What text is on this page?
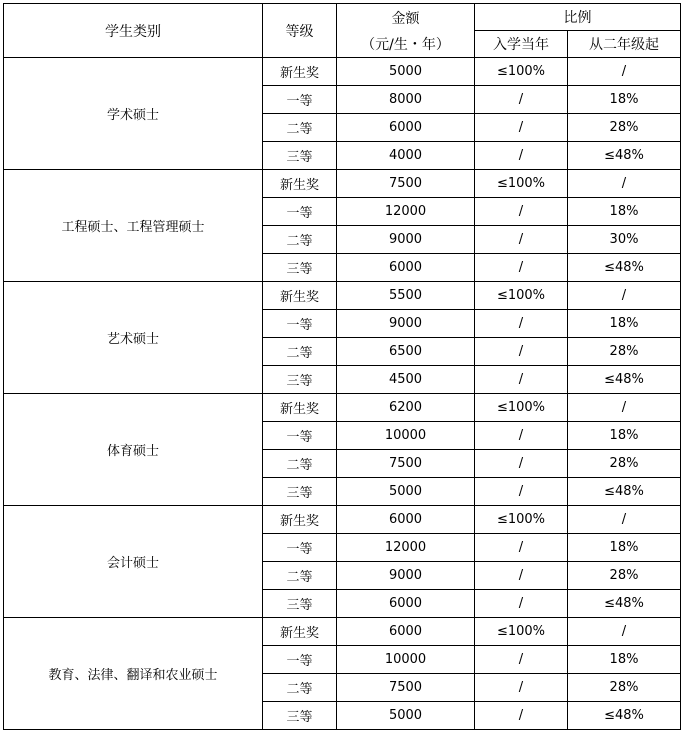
学生类别	等级	金额
（元/生・年）	比例	
			入学当年	从二年级起
学术硕士	新生奖	5000	≤100%	/
	一等	8000	/	18%
	二等	6000	/	28%
	三等	4000	/	≤48%
工程硕士、工程管理硕士	新生奖	7500	≤100%	/
	一等	12000	/	18%
	二等	9000	/	30%
	三等	6000	/	≤48%
艺术硕士	新生奖	5500	≤100%	/
	一等	9000	/	18%
	二等	6500	/	28%
	三等	4500	/	≤48%
体育硕士	新生奖	6200	≤100%	/
	一等	10000	/	18%
	二等	7500	/	28%
	三等	5000	/	≤48%
会计硕士	新生奖	6000	≤100%	/
	一等	12000	/	18%
	二等	9000	/	28%
	三等	6000	/	≤48%
教育、法律、翻译和农业硕士	新生奖	6000	≤100%	/
	一等	10000	/	18%
	二等	7500	/	28%
	三等	5000	/	≤48%
